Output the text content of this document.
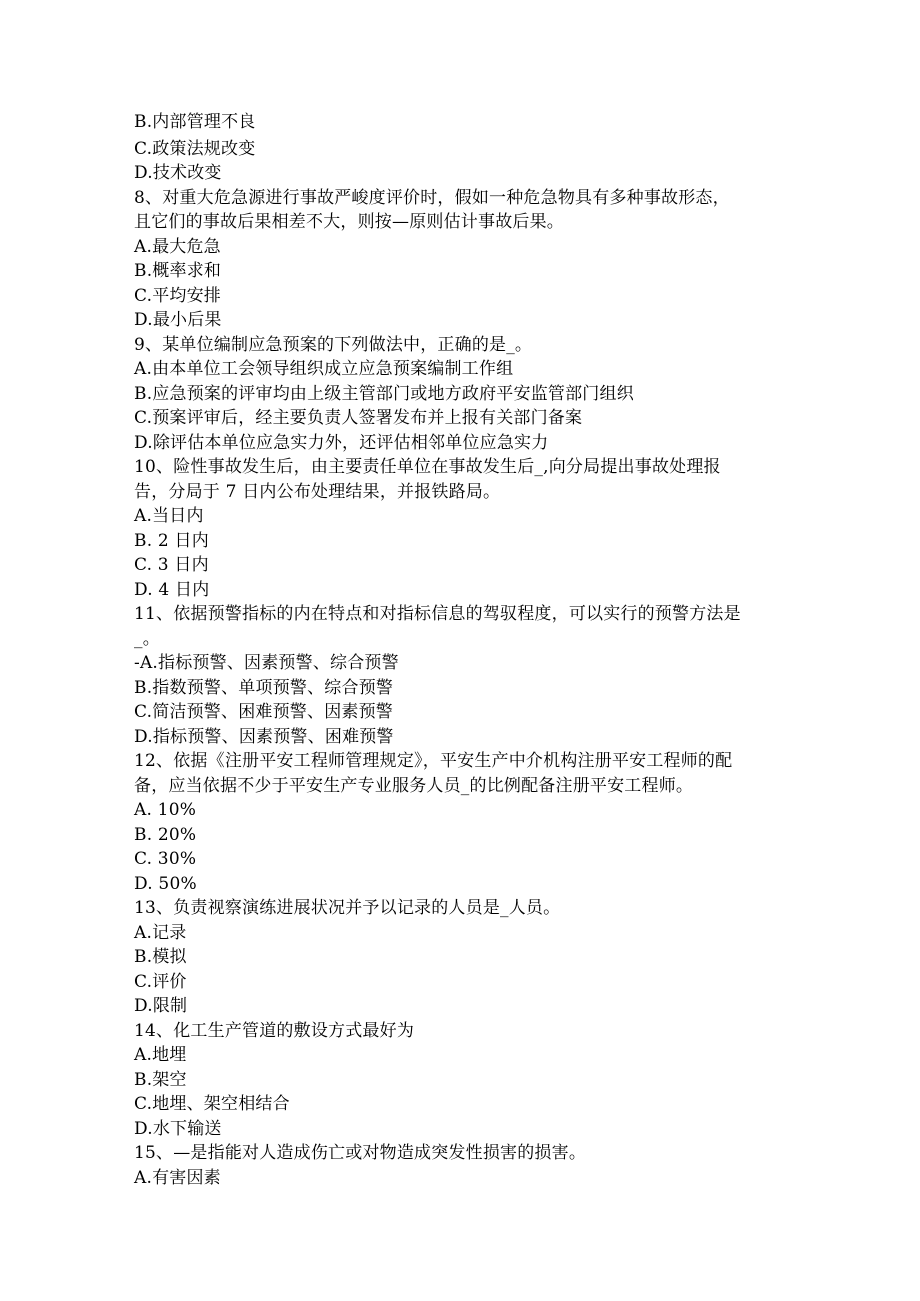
B.内部管理不良
C.政策法规改变
D.技术改变
8、对重大危急源进行事故严峻度评价时，假如一种危急物具有多种事故形态，
且它们的事故后果相差不大，则按—原则估计事故后果。
A.最大危急
B.概率求和
C.平均安排
D.最小后果
9、某单位编制应急预案的下列做法中，正确的是_。
A.由本单位工会领导组织成立应急预案编制工作组
B.应急预案的评审均由上级主管部门或地方政府平安监管部门组织
C.预案评审后，经主要负责人签署发布并上报有关部门备案
D.除评估本单位应急实力外，还评估相邻单位应急实力
10、险性事故发生后，由主要责任单位在事故发生后_,向分局提出事故处理报
告，分局于 7 日内公布处理结果，并报铁路局。
A.当日内
B. 2 日内
C. 3 日内
D. 4 日内
11、依据预警指标的内在特点和对指标信息的驾驭程度，可以实行的预警方法是
_。
-A.指标预警、因素预警、综合预警
B.指数预警、单项预警、综合预警
C.简洁预警、困难预警、因素预警
D.指标预警、因素预警、困难预警
12、依据《注册平安工程师管理规定》，平安生产中介机构注册平安工程师的配
备，应当依据不少于平安生产专业服务人员_的比例配备注册平安工程师。
A. 10%
B. 20%
C. 30%
D. 50%
13、负责视察演练进展状况并予以记录的人员是_人员。
A.记录
B.模拟
C.评价
D.限制
14、化工生产管道的敷设方式最好为
A.地埋
B.架空
C.地埋、架空相结合
D.水下输送
15、—是指能对人造成伤亡或对物造成突发性损害的损害。
A.有害因素
